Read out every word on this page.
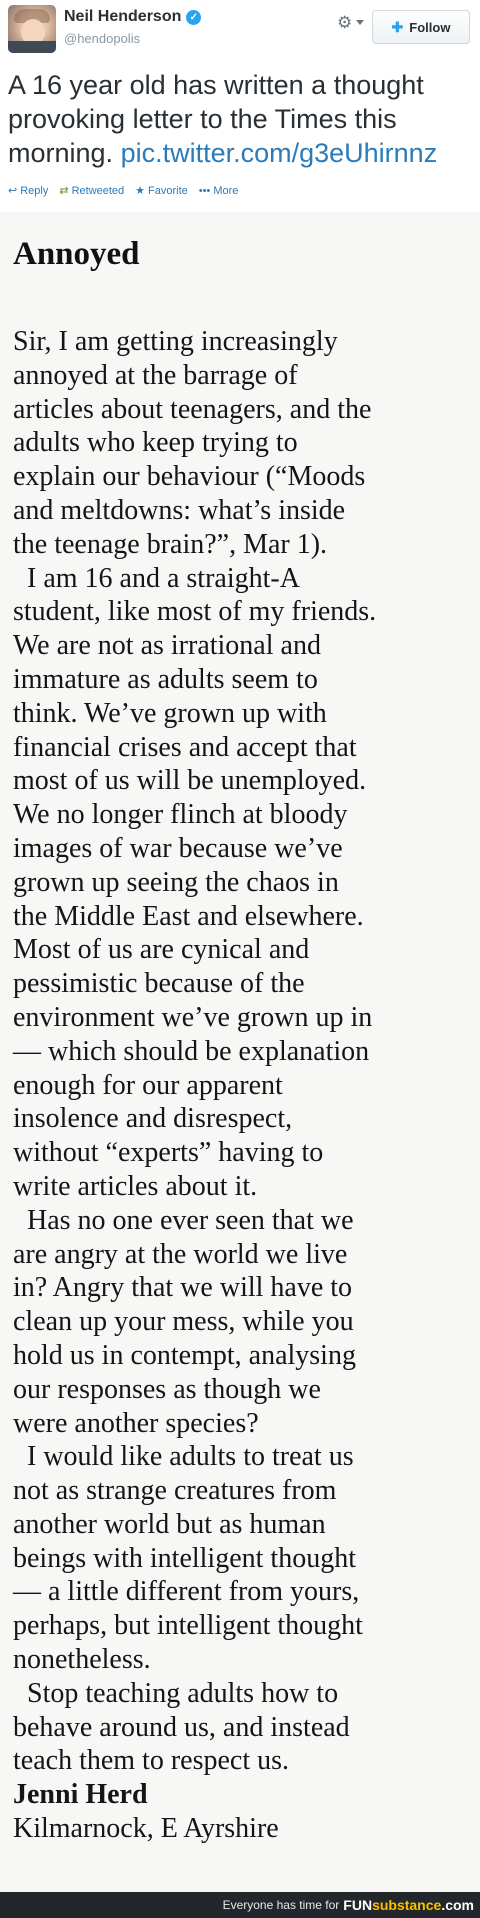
Neil Henderson ✓
@hendopolis
⚙	✚ Follow
A 16 year old has written a thought provoking letter to the Times this morning. pic.twitter.com/g3eUhirnnz
↩ Reply ⇄ Retweeted ★ Favorite ••• More
Annoyed
Sir, I am getting increasingly
annoyed at the barrage of
articles about teenagers, and the
adults who keep trying to
explain our behaviour (“Moods
and meltdowns: what’s inside
the teenage brain?”, Mar 1).
I am 16 and a straight-A
student, like most of my friends.
We are not as irrational and
immature as adults seem to
think. We’ve grown up with
financial crises and accept that
most of us will be unemployed.
We no longer flinch at bloody
images of war because we’ve
grown up seeing the chaos in
the Middle East and elsewhere.
Most of us are cynical and
pessimistic because of the
environment we’ve grown up in
— which should be explanation
enough for our apparent
insolence and disrespect,
without “experts” having to
write articles about it.
Has no one ever seen that we
are angry at the world we live
in? Angry that we will have to
clean up your mess, while you
hold us in contempt, analysing
our responses as though we
were another species?
I would like adults to treat us
not as strange creatures from
another world but as human
beings with intelligent thought
— a little different from yours,
perhaps, but intelligent thought
nonetheless.
Stop teaching adults how to
behave around us, and instead
teach them to respect us.
Jenni Herd
Kilmarnock, E Ayrshire
Everyone has time for FUNsubstance.com
